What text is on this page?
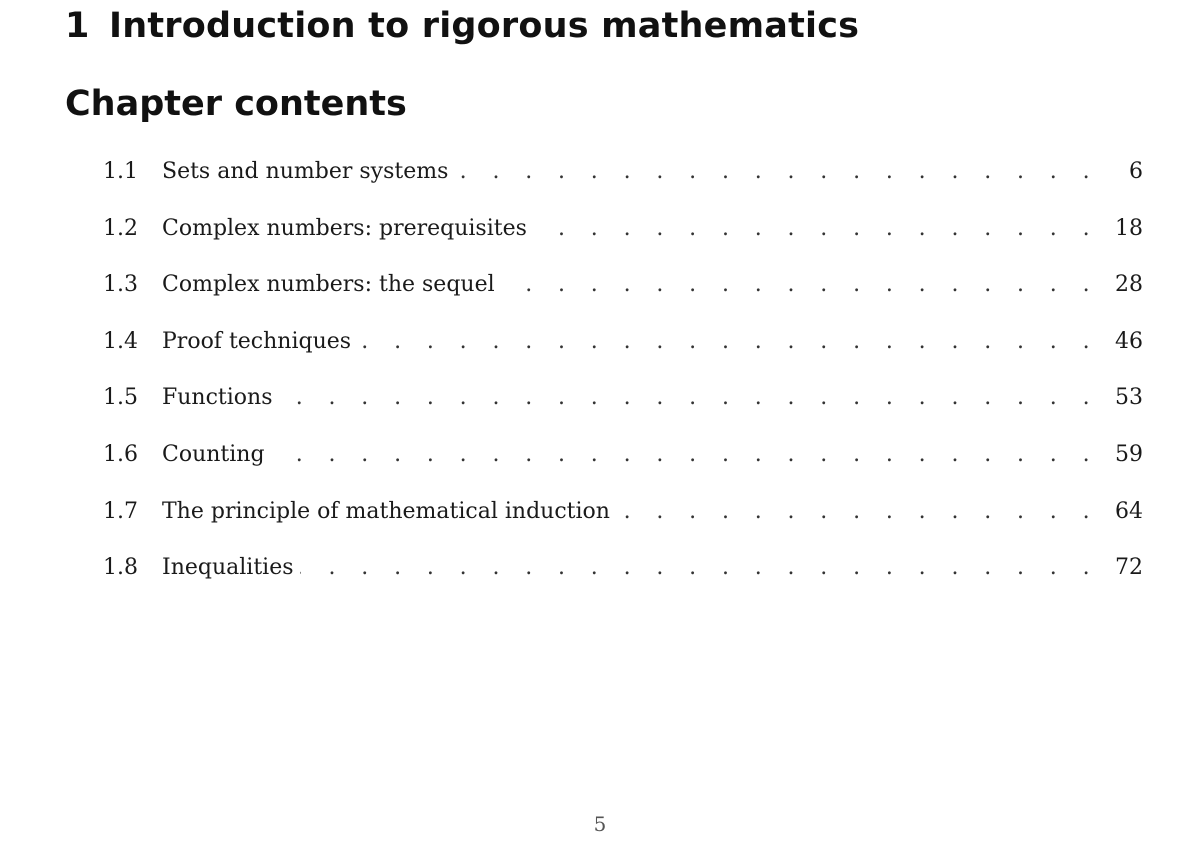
1 Introduction to rigorous mathematics
Chapter contents
1.1	Sets and number systems . . .	6
1.2	Complex numbers: prerequisites . . .	18
1.3	Complex numbers: the sequel . . .	28
1.4	Proof techniques . . .	46
1.5	Functions . . .	53
1.6	Counting . . .	59
1.7	The principle of mathematical induction . . .	64
1.8	Inequalities . . .	72
5
